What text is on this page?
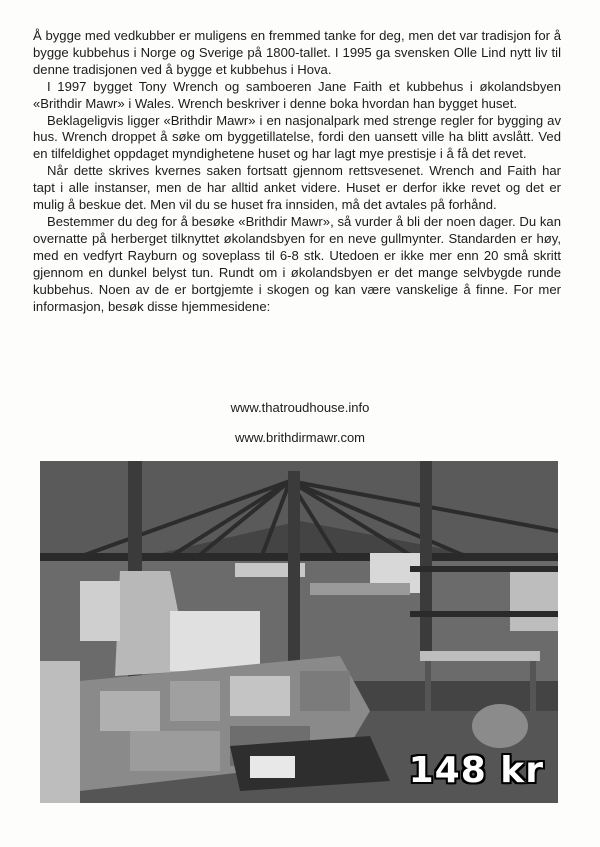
Å bygge med vedkubber er muligens en fremmed tanke for deg, men det var tradisjon for å bygge kubbehus i Norge og Sverige på 1800-tallet. I 1995 ga svensken Olle Lind nytt liv til denne tradisjonen ved å bygge et kubbehus i Hova.

I 1997 bygget Tony Wrench og samboeren Jane Faith et kubbehus i økolandsbyen «Brithdir Mawr» i Wales. Wrench beskriver i denne boka hvordan han bygget huset.

Beklageligvis ligger «Brithdir Mawr» i en nasjonalpark med strenge regler for bygging av hus. Wrench droppet å søke om byggetillatelse, fordi den uansett ville ha blitt avslått. Ved en tilfeldighet oppdaget myndighetene huset og har lagt mye prestisje i å få det revet.

Når dette skrives kvernes saken fortsatt gjennom rettsvesenet. Wrench and Faith har tapt i alle instanser, men de har alltid anket videre. Huset er derfor ikke revet og det er mulig å beskue det. Men vil du se huset fra innsiden, må det avtales på forhånd.

Bestemmer du deg for å besøke «Brithdir Mawr», så vurder å bli der noen dager. Du kan overnatte på herberget tilknyttet økolandsbyen for en neve gullmynter. Standarden er høy, med en vedfyrt Rayburn og soveplass til 6-8 stk. Utedoen er ikke mer enn 20 små skritt gjennom en dunkel belyst tun. Rundt om i økolandsbyen er det mange selvbygde runde kubbehus. Noen av de er bortgjemte i skogen og kan være vanskelige å finne. For mer informasjon, besøk disse hjemmesidene:

www.thatroudhouse.info
www.brithdirmawr.com
148 kr
